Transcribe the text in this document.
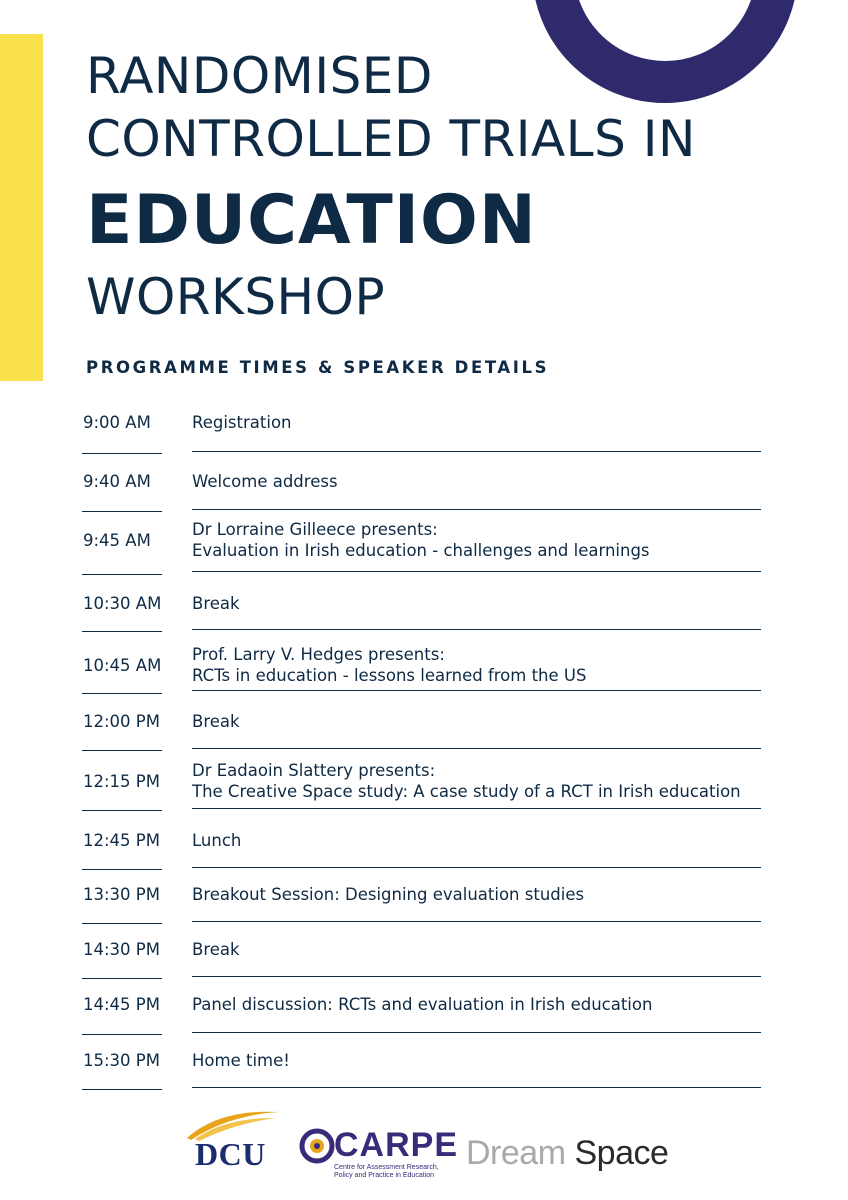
RANDOMISED
CONTROLLED TRIALS IN
EDUCATION
WORKSHOP
PROGRAMME TIMES & SPEAKER DETAILS
9:00 AM Registration
9:40 AM Welcome address
9:45 AM
Dr Lorraine Gilleece presents:
Evaluation in Irish education - challenges and learnings
10:30 AM Break
10:45 AM
Prof. Larry V. Hedges presents:
RCTs in education - lessons learned from the US
12:00 PM Break
12:15 PM
Dr Eadaoin Slattery presents:
The Creative Space study: A case study of a RCT in Irish education
12:45 PM Lunch
13:30 PM Breakout Session: Designing evaluation studies
14:30 PM Break
14:45 PM Panel discussion: RCTs and evaluation in Irish education
15:30 PM Home time!
DCU CARPE
Centre for Assessment Research,
Policy and Practice in Education
Dream Space
